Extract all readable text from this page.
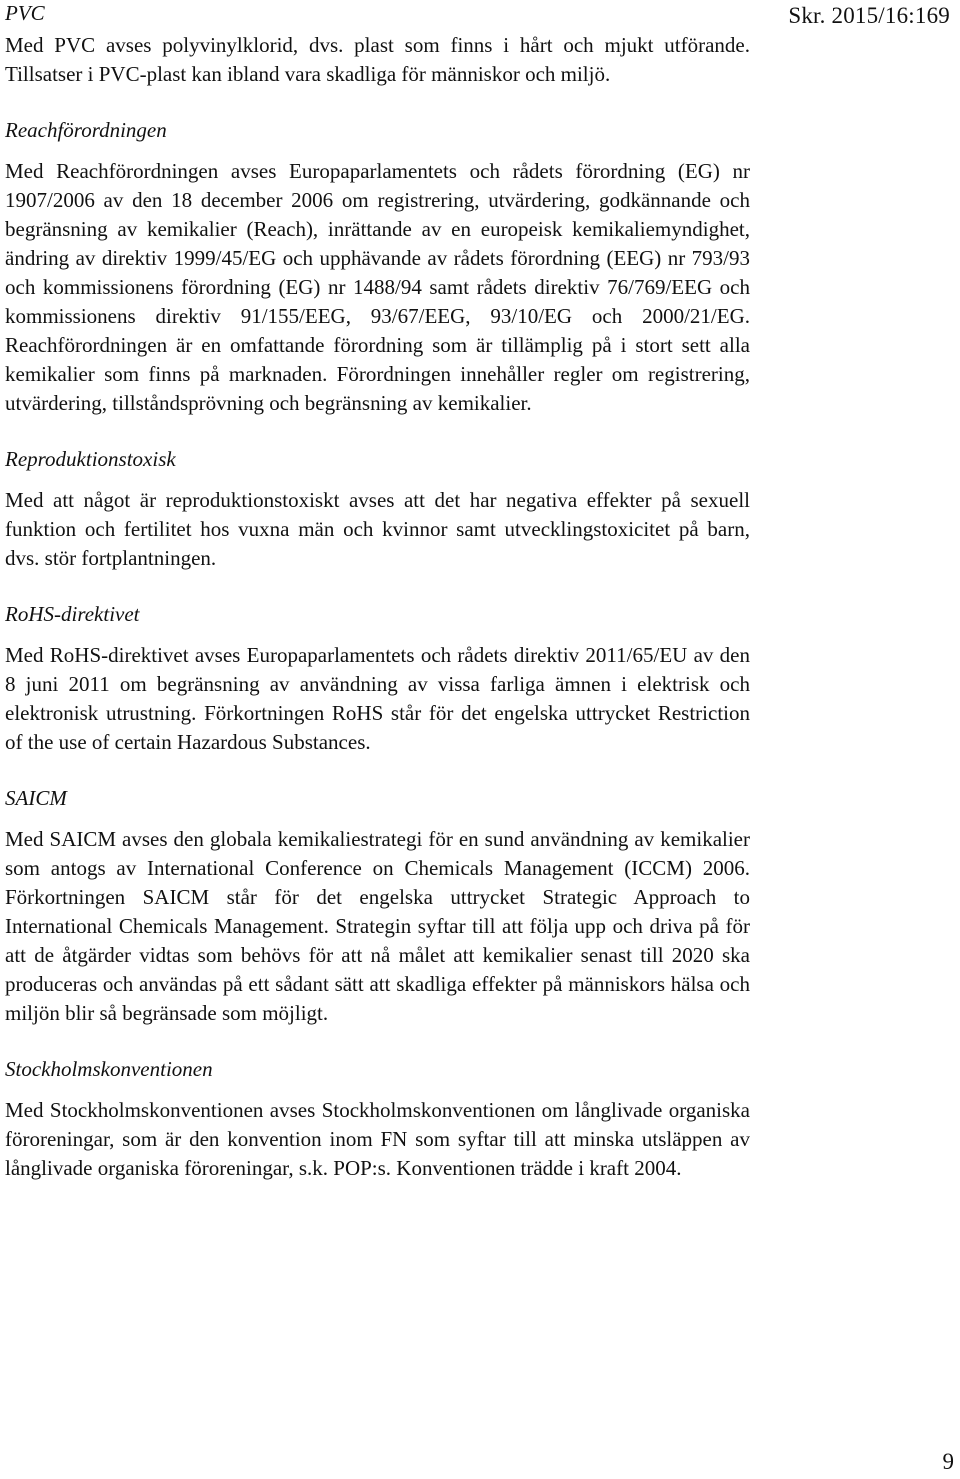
Skr. 2015/16:169
PVC

Med PVC avses polyvinylklorid, dvs. plast som finns i hårt och mjukt utförande. Tillsatser i PVC-plast kan ibland vara skadliga för människor och miljö.

Reachförordningen

Med Reachförordningen avses Europaparlamentets och rådets förordning (EG) nr 1907/2006 av den 18 december 2006 om registrering, utvärdering, godkännande och begränsning av kemikalier (Reach), inrättande av en europeisk kemikaliemyndighet, ändring av direktiv 1999/45/EG och upphävande av rådets förordning (EEG) nr 793/93 och kommissionens förordning (EG) nr 1488/94 samt rådets direktiv 76/769/EEG och kommissionens direktiv 91/155/EEG, 93/67/EEG, 93/10/EG och 2000/21/EG. Reachförordningen är en omfattande förordning som är tillämplig på i stort sett alla kemikalier som finns på marknaden. Förordningen innehåller regler om registrering, utvärdering, tillståndsprövning och begränsning av kemikalier.

Reproduktionstoxisk

Med att något är reproduktionstoxiskt avses att det har negativa effekter på sexuell funktion och fertilitet hos vuxna män och kvinnor samt utvecklingstoxicitet på barn, dvs. stör fortplantningen.

RoHS-direktivet

Med RoHS-direktivet avses Europaparlamentets och rådets direktiv 2011/65/EU av den 8 juni 2011 om begränsning av användning av vissa farliga ämnen i elektrisk och elektronisk utrustning. Förkortningen RoHS står för det engelska uttrycket Restriction of the use of certain Hazardous Substances.

SAICM

Med SAICM avses den globala kemikaliestrategi för en sund användning av kemikalier som antogs av International Conference on Chemicals Management (ICCM) 2006. Förkortningen SAICM står för det engelska uttrycket Strategic Approach to International Chemicals Management. Strategin syftar till att följa upp och driva på för att de åtgärder vidtas som behövs för att nå målet att kemikalier senast till 2020 ska produceras och användas på ett sådant sätt att skadliga effekter på människors hälsa och miljön blir så begränsade som möjligt.

Stockholmskonventionen

Med Stockholmskonventionen avses Stockholmskonventionen om långlivade organiska föroreningar, som är den konvention inom FN som syftar till att minska utsläppen av långlivade organiska föroreningar, s.k. POP:s. Konventionen trädde i kraft 2004.

9
